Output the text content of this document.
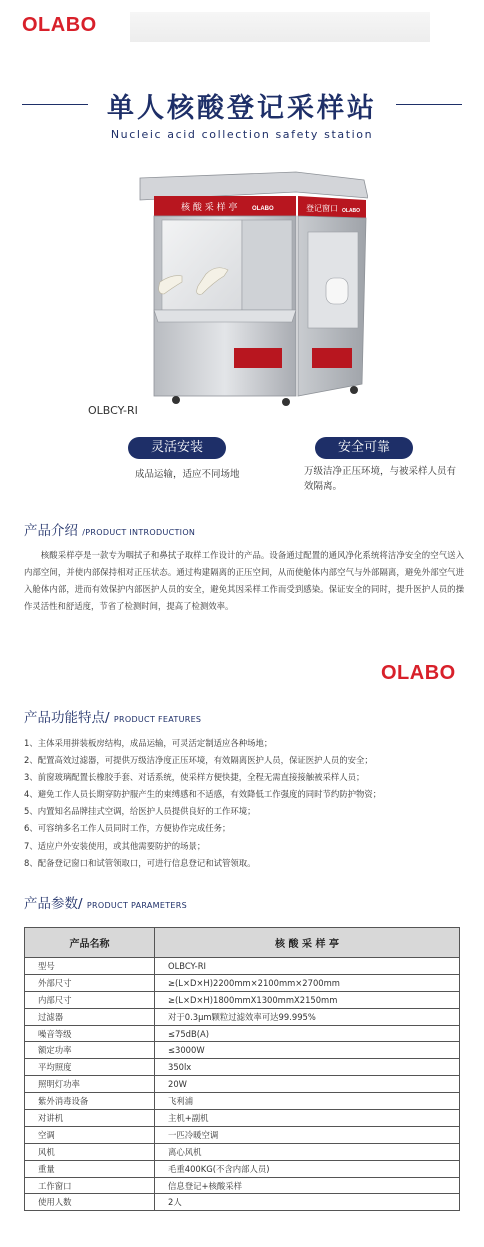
OLABO
单人核酸登记采样站
Nucleic acid collection safety station
核 酸 采 样 亭 OLABO	登记窗口 OLABO
OLBCY-RI
灵活安装
成品运输，适应不同场地
安全可靠
万级洁净正压环境，与被采样人员有效隔离。
产品介绍 /PRODUCT INTRODUCTION

核酸采样亭是一款专为咽拭子和鼻拭子取样工作设计的产品。设备通过配置的通风净化系统将洁净安全的空气送入内部空间，并使内部保持相对正压状态。通过构建隔离的正压空间，从而使舱体内部空气与外部隔离，避免外部空气进入舱体内部，进而有效保护内部医护人员的安全，避免其因采样工作而受到感染。保证安全的同时，提升医护人员的操作灵活性和舒适度，节省了检测时间，提高了检测效率。

OLABO
产品功能特点/ PRODUCT FEATURES
1、主体采用拼装板房结构，成品运输，可灵活定制适应各种场地；
2、配置高效过滤器，可提供万级洁净度正压环境，有效隔离医护人员，保证医护人员的安全；
3、前窗玻璃配置长橡胶手套、对话系统，使采样方便快捷，全程无需直接接触被采样人员；
4、避免工作人员长期穿防护服产生的束缚感和不适感，有效降低工作强度的同时节约防护物资；
5、内置知名品牌挂式空调，给医护人员提供良好的工作环境；
6、可容纳多名工作人员同时工作，方便协作完成任务；
7、适应户外安装使用，或其他需要防护的场景；
8、配备登记窗口和试管领取口，可进行信息登记和试管领取。
产品参数/ PRODUCT PARAMETERS
产品名称	核 酸 采 样 亭
型号	OLBCY-RI
外部尺寸	≥(L×D×H)2200mm×2100mm×2700mm
内部尺寸	≥(L×D×H)1800mmX1300mmX2150mm
过滤器	对于0.3μm颗粒过滤效率可达99.995%
噪音等级	≤75dB(A)
额定功率	≤3000W
平均照度	350lx
照明灯功率	20W
紫外消毒设备	飞利浦
对讲机	主机+副机
空调	一匹冷暖空调
风机	离心风机
重量	毛重400KG(不含内部人员)
工作窗口	信息登记+核酸采样
使用人数	2人
